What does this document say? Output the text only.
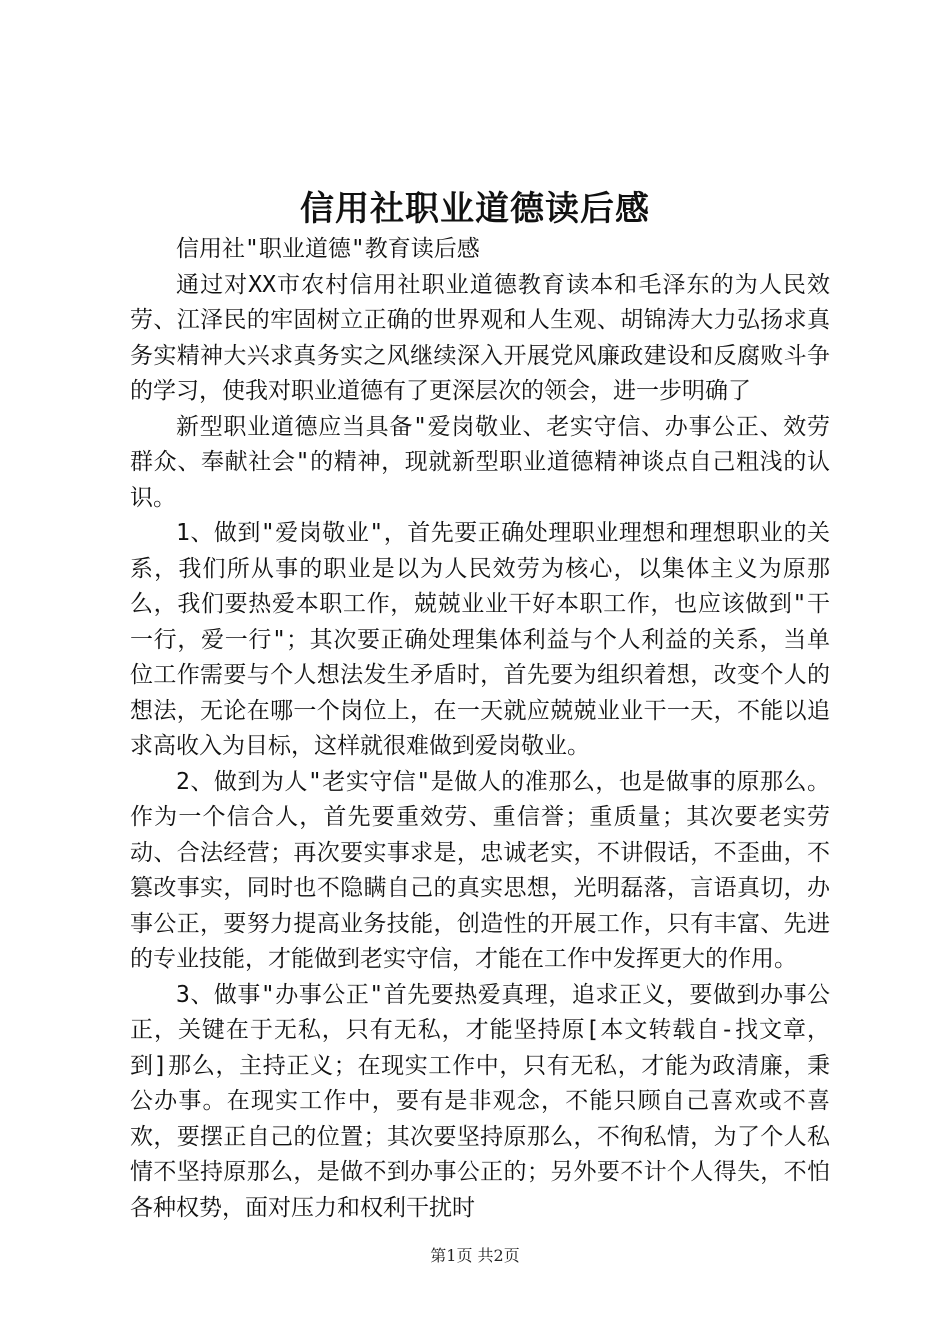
信用社职业道德读后感

信用社"职业道德"教育读后感

通过对XX市农村信用社职业道德教育读本和毛泽东的为人民效劳、江泽民的牢固树立正确的世界观和人生观、胡锦涛大力弘扬求真务实精神大兴求真务实之风继续深入开展党风廉政建设和反腐败斗争的学习，使我对职业道德有了更深层次的领会，进一步明确了

新型职业道德应当具备"爱岗敬业、老实守信、办事公正、效劳群众、奉献社会"的精神，现就新型职业道德精神谈点自己粗浅的认识。

1、做到"爱岗敬业"，首先要正确处理职业理想和理想职业的关系，我们所从事的职业是以为人民效劳为核心，以集体主义为原那么，我们要热爱本职工作，兢兢业业干好本职工作，也应该做到"干一行，爱一行"；其次要正确处理集体利益与个人利益的关系，当单位工作需要与个人想法发生矛盾时，首先要为组织着想，改变个人的想法，无论在哪一个岗位上，在一天就应兢兢业业干一天，不能以追求高收入为目标，这样就很难做到爱岗敬业。

2、做到为人"老实守信"是做人的准那么，也是做事的原那么。作为一个信合人，首先要重效劳、重信誉；重质量；其次要老实劳动、合法经营；再次要实事求是，忠诚老实，不讲假话，不歪曲，不篡改事实，同时也不隐瞒自己的真实思想，光明磊落，言语真切，办事公正，要努力提高业务技能，创造性的开展工作，只有丰富、先进的专业技能，才能做到老实守信，才能在工作中发挥更大的作用。

3、做事"办事公正"首先要热爱真理，追求正义，要做到办事公正，关键在于无私，只有无私，才能坚持原[本文转载自-找文章，到]那么，主持正义；在现实工作中，只有无私，才能为政清廉，秉公办事。在现实工作中，要有是非观念，不能只顾自己喜欢或不喜欢，要摆正自己的位置；其次要坚持原那么，不徇私情，为了个人私情不坚持原那么，是做不到办事公正的；另外要不计个人得失，不怕各种权势，面对压力和权利干扰时

第1页 共2页
